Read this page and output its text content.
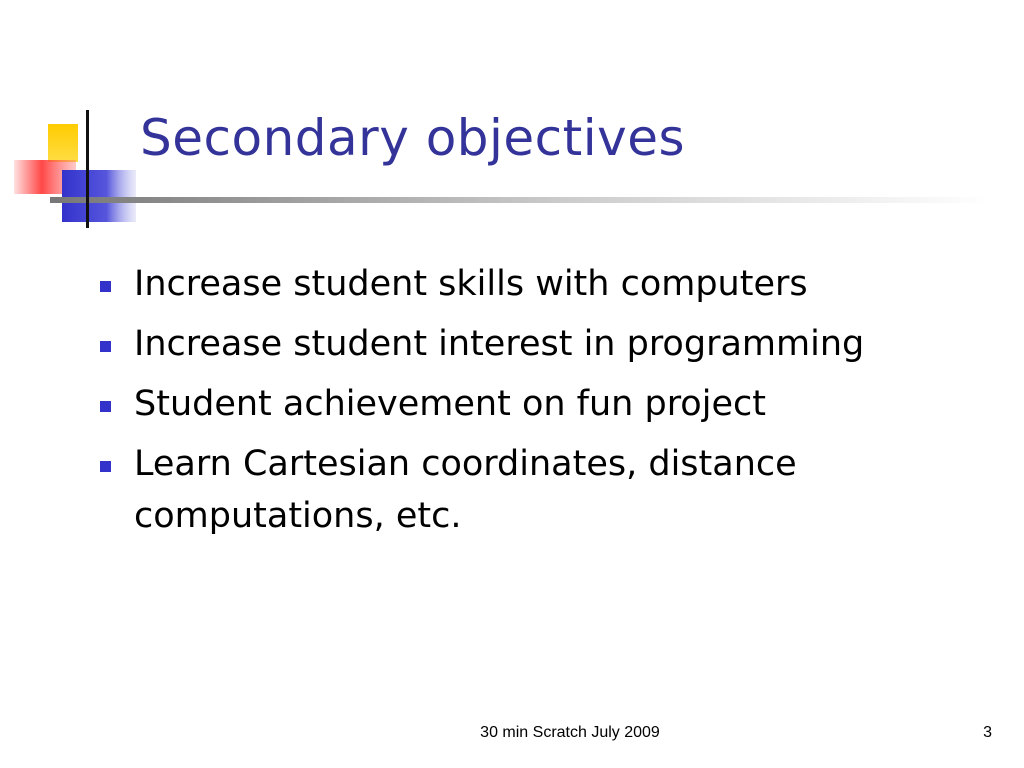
Secondary objectives
Increase student skills with computers
Increase student interest in programming
Student achievement on fun project
Learn Cartesian coordinates, distance computations, etc.
30 min Scratch July 2009	3
